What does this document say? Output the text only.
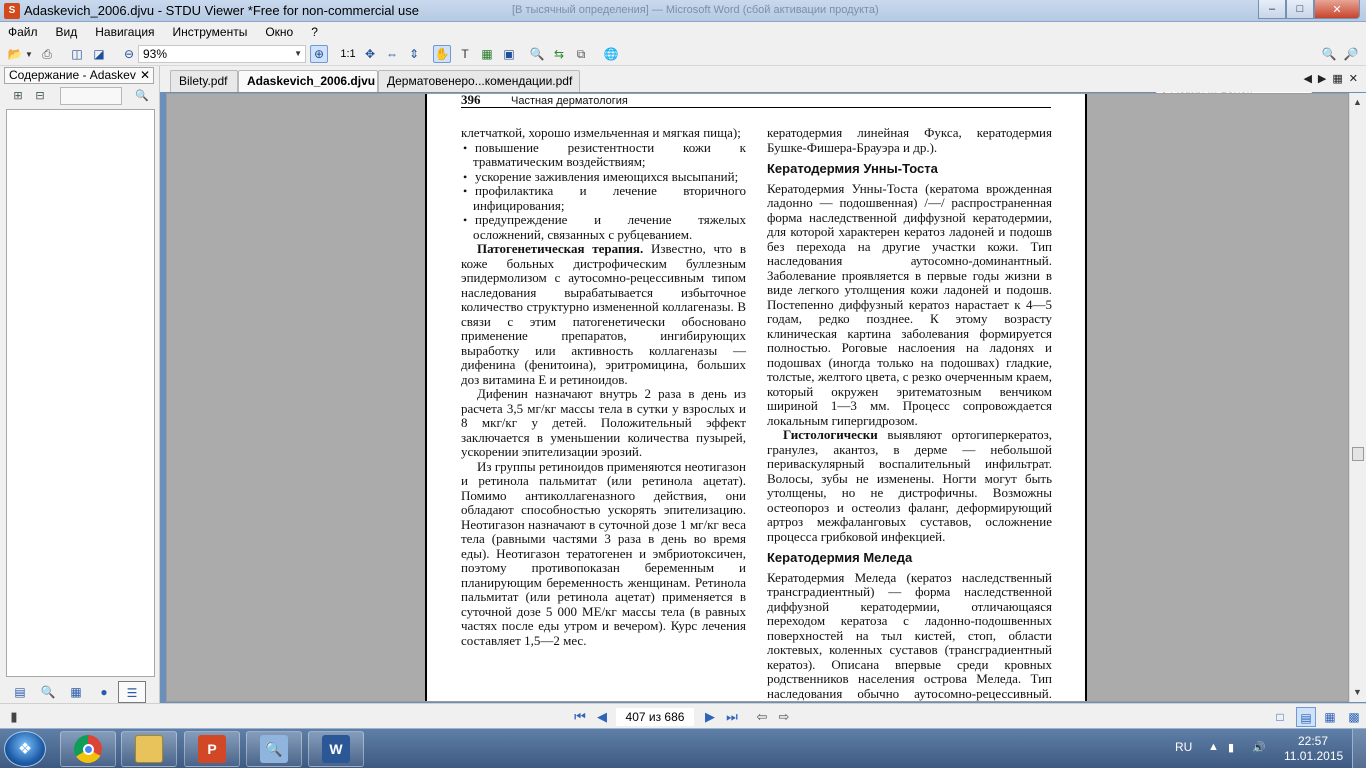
S Adaskevich_2006.djvu - STDU Viewer *Free for non-commercial use	[В тысячный определения] — Microsoft Word (сбой активации продукта)	–	□	✕
Файл Вид Навигация Инструменты Окно ?
📂 ▼ ⎙	◫ ◪	⊖ 93%	▼ ⊕	1:1 ✥ ⇔ ⇕	✋ T	▦ ▣ 🔍 ⇆	⧉	🌐
Быстрый поиск...	🔍 🔎
Содержание - Adaskev ✕
⊞	⊟	🔍
▤	🔍	▦	●	☰
Bilety.pdf	Adaskevich_2006.djvu Дерматовенеро...комендации.pdf	◀ ▶ ▦ ✕
396	Частная дерматология

клетчаткой, хорошо измельченная и мягкая пища);

• повышение резистентности кожи к травматическим воздействиям;

• ускорение заживления имеющихся высыпаний;

• профилактика и лечение вторичного инфицирования;

• предупреждение и лечение тяжелых осложнений, связанных с рубцеванием.

Патогенетическая терапия. Известно, что в коже больных дистрофическим буллезным эпидермолизом с аутосомно-рецессивным типом наследования вырабатывается избыточное количество структурно измененной коллагеназы. В связи с этим патогенетически обосновано применение препаратов, ингибирующих выработку или активность коллагеназы — дифенина (фенитоина), эритромицина, больших доз витамина Е и ретиноидов.

Дифенин назначают внутрь 2 раза в день из расчета 3,5 мг/кг массы тела в сутки у взрослых и 8 мкг/кг у детей. Положительный эффект заключается в уменьшении количества пузырей, ускорении эпителизации эрозий.

Из группы ретиноидов применяются неотигазон и ретинола пальмитат (или ретинола ацетат). Помимо антиколлагеназного действия, они обладают способностью ускорять эпителизацию. Неотигазон назначают в суточной дозе 1 мг/кг веса тела (равными частями 3 раза в день во время еды). Неотигазон тератогенен и эмбриотоксичен, поэтому противопоказан беременным и планирующим беременность женщинам. Ретинола пальмитат (или ретинола ацетат) применяется в суточной дозе 5 000 МЕ/кг массы тела (в равных частях после еды утром и вечером). Курс лечения составляет 1,5—2 мес.

кератодермия линейная Фукса, кератодермия Бушке-Фишера-Брауэра и др.).

Кератодермия Унны-Тоста

Кератодермия Унны-Тоста (кератома врожденная ладонно — подошвенная) /—/ распространенная форма наследственной диффузной кератодермии, для которой характерен кератоз ладоней и подошв без перехода на другие участки кожи. Тип наследования аутосомно-доминантный. Заболевание проявляется в первые годы жизни в виде легкого утолщения кожи ладоней и подошв. Постепенно диффузный кератоз нарастает к 4—5 годам, редко позднее. К этому возрасту клиническая картина заболевания формируется полностью. Роговые наслоения на ладонях и подошвах (иногда только на подошвах) гладкие, толстые, желтого цвета, с резко очерченным краем, который окружен эритематозным венчиком шириной 1—3 мм. Процесс сопровождается локальным гипергидрозом.

Гистологически выявляют ортогиперкератоз, гранулез, акантоз, в дерме — небольшой периваскулярный воспалительный инфильтрат. Волосы, зубы не изменены. Ногти могут быть утолщены, но не дистрофичны. Возможны остеопороз и остеолиз фаланг, деформирующий артроз межфаланговых суставов, осложнение процесса грибковой инфекцией.

Кератодермия Меледа

Кератодермия Меледа (кератоз наследственный трансградиентный) — форма наследственной диффузной кератодермии, отличающаяся переходом кератоза с ладонно-подошвенных поверхностей на тыл кистей, стоп, области локтевых, коленных суставов (трансградиентный кератоз). Описана впервые среди кровных родственников населения острова Меледа. Тип наследования обычно аутосомно-рецессивный.

▲
▼
▮	⏮ ◀	407 из 686	▶ ⏭ ⇦ ⇨	□	▤	▦	▩
❖	P	🔍	W	RU ▲ ▮ 🔊	22:57
11.01.2015
